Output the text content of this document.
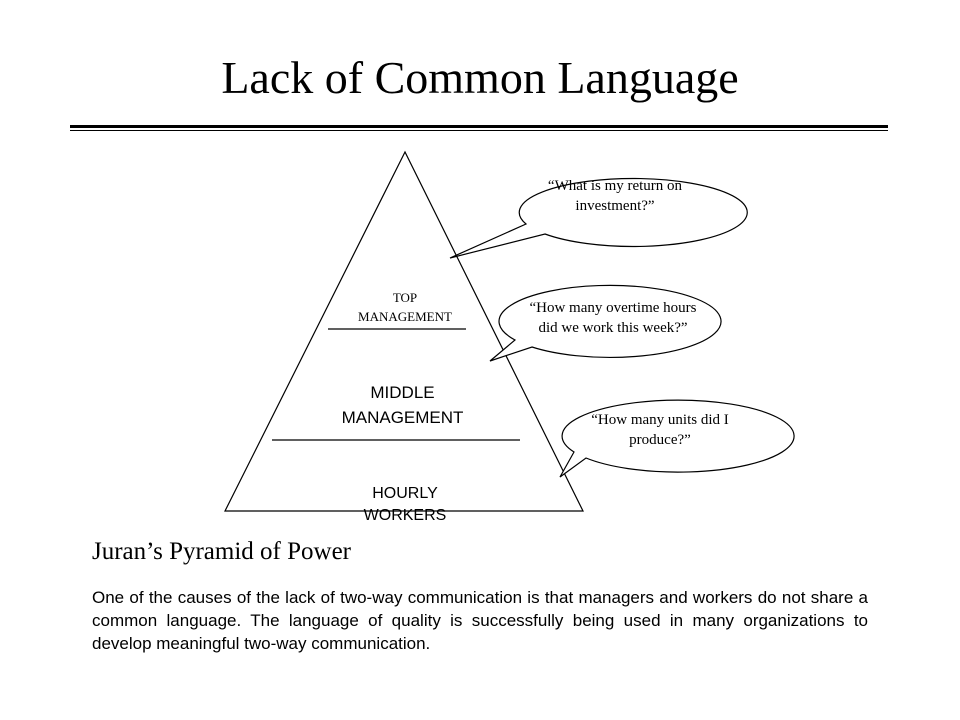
Lack of Common Language
TOP
MANAGEMENT
MIDDLE
MANAGEMENT
HOURLY
WORKERS
“What is my return on
investment?”
“How many overtime hours
did we work this week?”
“How many units did I
produce?”
Juran’s Pyramid of Power
One of the causes of the lack of two-way communication is that managers and workers do not share a common language. The language of quality is successfully being used in many organizations to develop meaningful two-way communication.
